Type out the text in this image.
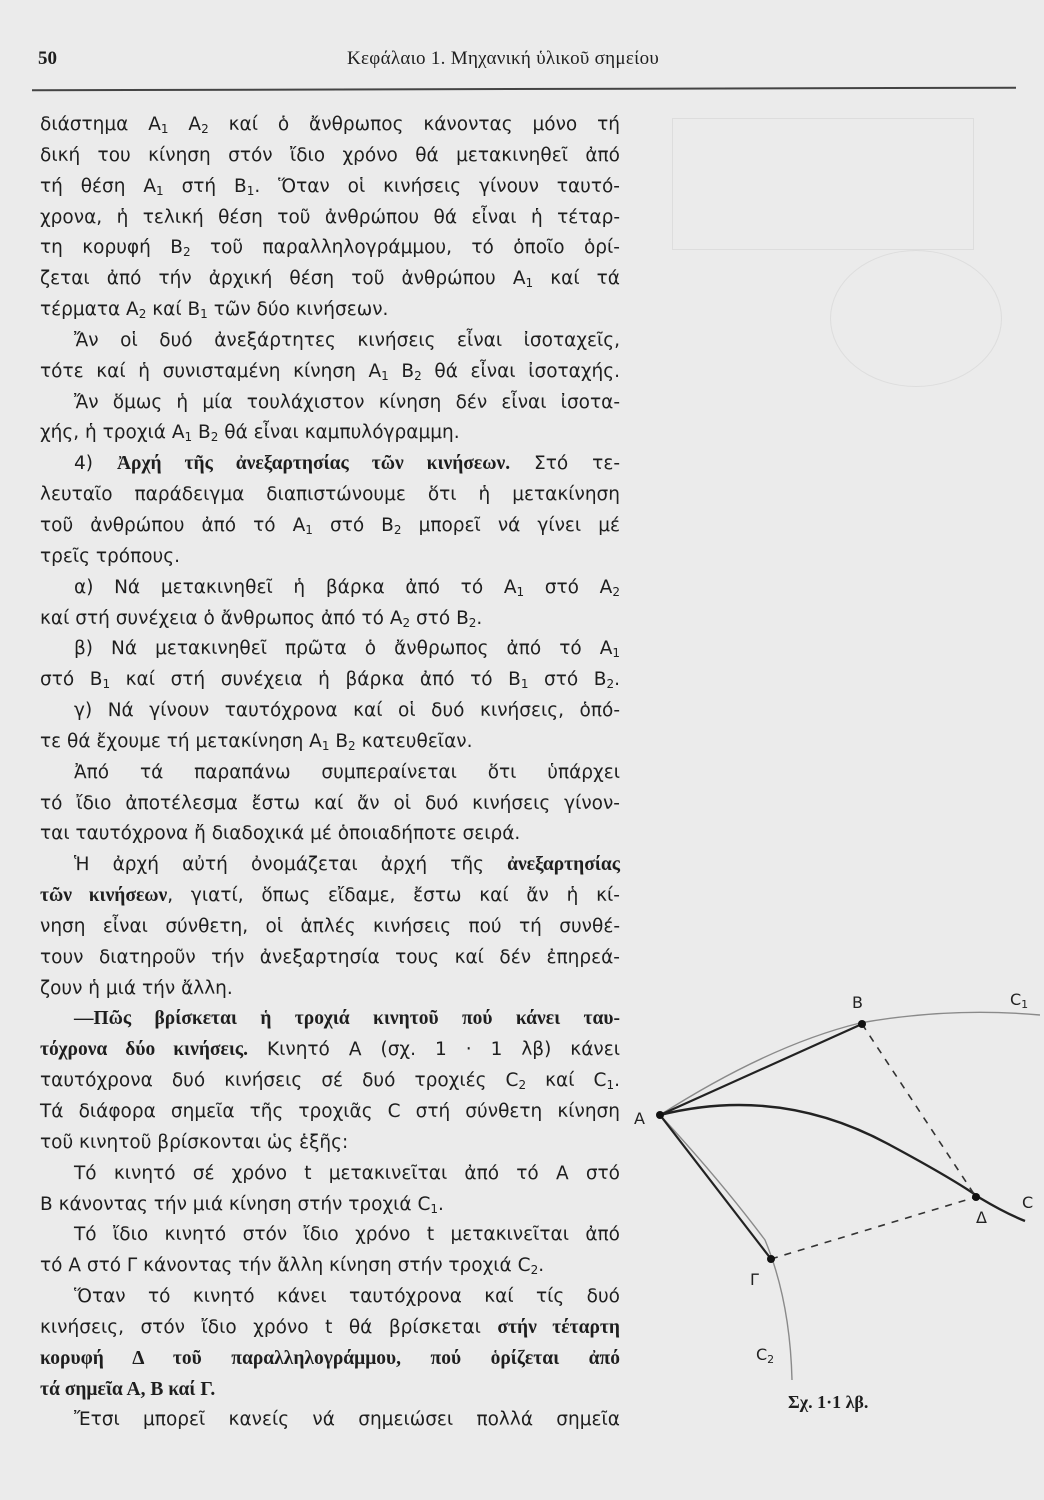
50	Κεφάλαιο 1. Μηχανική ὑλικοῦ σημείου
διάστημα $A_1$ $A_2$ καί ὁ ἄνθρωπος κάνοντας μόνο τή
δική του κίνηση στόν ἴδιο χρόνο θά μετακινηθεῖ ἀπό
τή θέση $A_1$ στή $B_1$. Ὅταν οἱ κινήσεις γίνουν ταυτό-
χρονα, ἡ τελική θέση τοῦ ἀνθρώπου θά εἶναι ἡ τέταρ-
τη κορυφή $B_2$ τοῦ παραλληλογράμμου, τό ὁποῖο ὁρί-
ζεται ἀπό τήν ἀρχική θέση τοῦ ἀνθρώπου $A_1$ καί τά
τέρματα $A_2$ καί $B_1$ τῶν δύο κινήσεων.
Ἄν οἱ δυό ἀνεξάρτητες κινήσεις εἶναι ἰσοταχεῖς,
τότε καί ἡ συνισταμένη κίνηση $A_1$ $B_2$ θά εἶναι ἰσοταχής.
Ἄν ὅμως ἡ μία τουλάχιστον κίνηση δέν εἶναι ἰσοτα-
χής, ἡ τροχιά $A_1$ $B_2$ θά εἶναι καμπυλόγραμμη.
4) Ἀρχή τῆς ἀνεξαρτησίας τῶν κινήσεων. Στό τε-
λευταῖο παράδειγμα διαπιστώνουμε ὅτι ἡ μετακίνηση
τοῦ ἀνθρώπου ἀπό τό $A_1$ στό $B_2$ μπορεῖ νά γίνει μέ
τρεῖς τρόπους.
α) Νά μετακινηθεῖ ἡ βάρκα ἀπό τό $A_1$ στό $A_2$
καί στή συνέχεια ὁ ἄνθρωπος ἀπό τό $A_2$ στό $B_2$.
β) Νά μετακινηθεῖ πρῶτα ὁ ἄνθρωπος ἀπό τό $A_1$
στό $B_1$ καί στή συνέχεια ἡ βάρκα ἀπό τό $B_1$ στό $B_2$.
γ) Νά γίνουν ταυτόχρονα καί οἱ δυό κινήσεις, ὁπό-
τε θά ἔχουμε τή μετακίνηση $A_1$ $B_2$ κατευθεῖαν.
Ἀπό τά παραπάνω συμπεραίνεται ὅτι ὑπάρχει
τό ἴδιο ἀποτέλεσμα ἔστω καί ἄν οἱ δυό κινήσεις γίνον-
ται ταυτόχρονα ἤ διαδοχικά μέ ὁποιαδήποτε σειρά.
Ἡ ἀρχή αὐτή ὀνομάζεται ἀρχή τῆς ἀνεξαρτησίας
τῶν κινήσεων, γιατί, ὅπως εἴδαμε, ἔστω καί ἄν ἡ κί-
νηση εἶναι σύνθετη, οἱ ἁπλές κινήσεις πού τή συνθέ-
τουν διατηροῦν τήν ἀνεξαρτησία τους καί δέν ἐπηρεά-
ζουν ἡ μιά τήν ἄλλη.
—Πῶς βρίσκεται ἡ τροχιά κινητοῦ πού κάνει ταυ-
τόχρονα δύο κινήσεις. Κινητό Α (σχ. 1 · 1 λβ) κάνει
ταυτόχρονα δυό κινήσεις σέ δυό τροχιές $C_2$ καί $C_1$.
Τά διάφορα σημεῖα τῆς τροχιᾶς C στή σύνθετη κίνηση
τοῦ κινητοῦ βρίσκονται ὡς ἑξῆς:
Τό κινητό σέ χρόνο t μετακινεῖται ἀπό τό Α στό
Β κάνοντας τήν μιά κίνηση στήν τροχιά $C_1$.
Τό ἴδιο κινητό στόν ἴδιο χρόνο t μετακινεῖται ἀπό
τό Α στό Γ κάνοντας τήν ἄλλη κίνηση στήν τροχιά $C_2$.
Ὅταν τό κινητό κάνει ταυτόχρονα καί τίς δυό
κινήσεις, στόν ἴδιο χρόνο t θά βρίσκεται στήν τέταρτη
κορυφή Δ τοῦ παραλληλογράμμου, πού ὁρίζεται ἀπό
τά σημεῖα Α, Β καί Γ.
Ἔτσι μπορεῖ κανείς νά σημειώσει πολλά σημεῖα
Α
Β	$C_1$
Γ
Δ
C
$C_2$
Σχ. 1·1 λβ.
